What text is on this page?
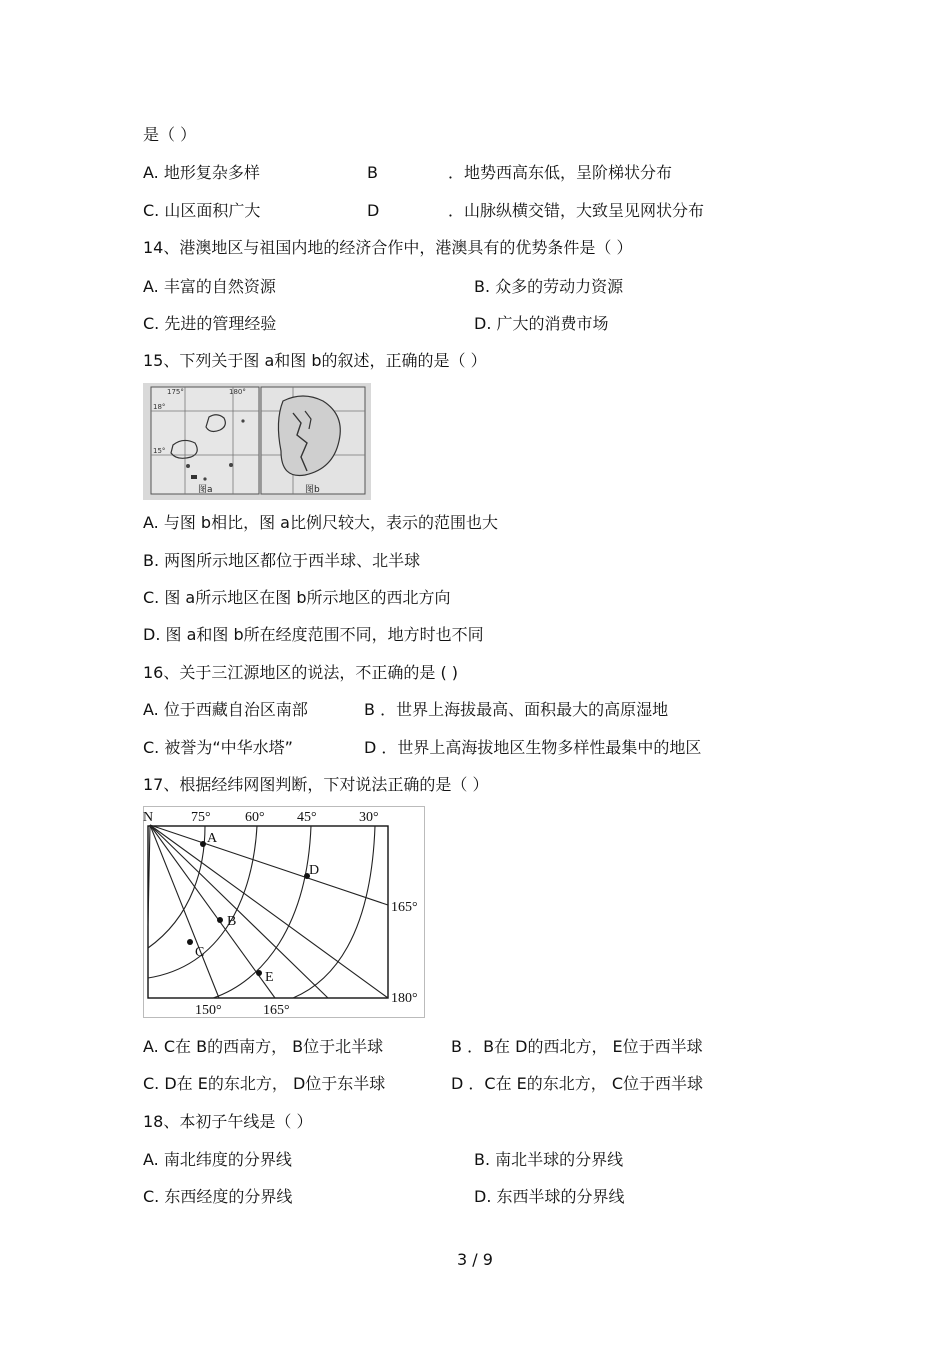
是（ ）
A. 地形复杂多样	B	．地势西高东低，呈阶梯状分布
C. 山区面积广大	D	．山脉纵横交错，大致呈见网状分布
14、港澳地区与祖国内地的经济合作中，港澳具有的优势条件是（ ）
A. 丰富的自然资源	B. 众多的劳动力资源
C. 先进的管理经验	D. 广大的消费市场
15、下列关于图 a和图 b的叙述，正确的是（ ）
175°	180°
18°
15°
图a	图b
A. 与图 b相比，图 a比例尺较大，表示的范围也大
B. 两图所示地区都位于西半球、北半球
C. 图 a所示地区在图 b所示地区的西北方向
D. 图 a和图 b所在经度范围不同，地方时也不同
16、关于三江源地区的说法，不正确的是 ( )
A. 位于西藏自治区南部	B ．世界上海拔最高、面积最大的高原湿地
C. 被誉为“中华水塔”	D ．世界上高海拔地区生物多样性最集中的地区
17、根据经纬网图判断，下对说法正确的是（ ）
N	75° 60° 45°	30°
165°
180°
150°	165°
A
B
C
D
E
A. C在 B的西南方， B位于北半球	B ．B在 D的西北方， E位于西半球
C. D在 E的东北方， D位于东半球	D ．C在 E的东北方， C位于西半球
18、本初子午线是（ ）
A. 南北纬度的分界线	B. 南北半球的分界线
C. 东西经度的分界线	D. 东西半球的分界线
3 / 9
